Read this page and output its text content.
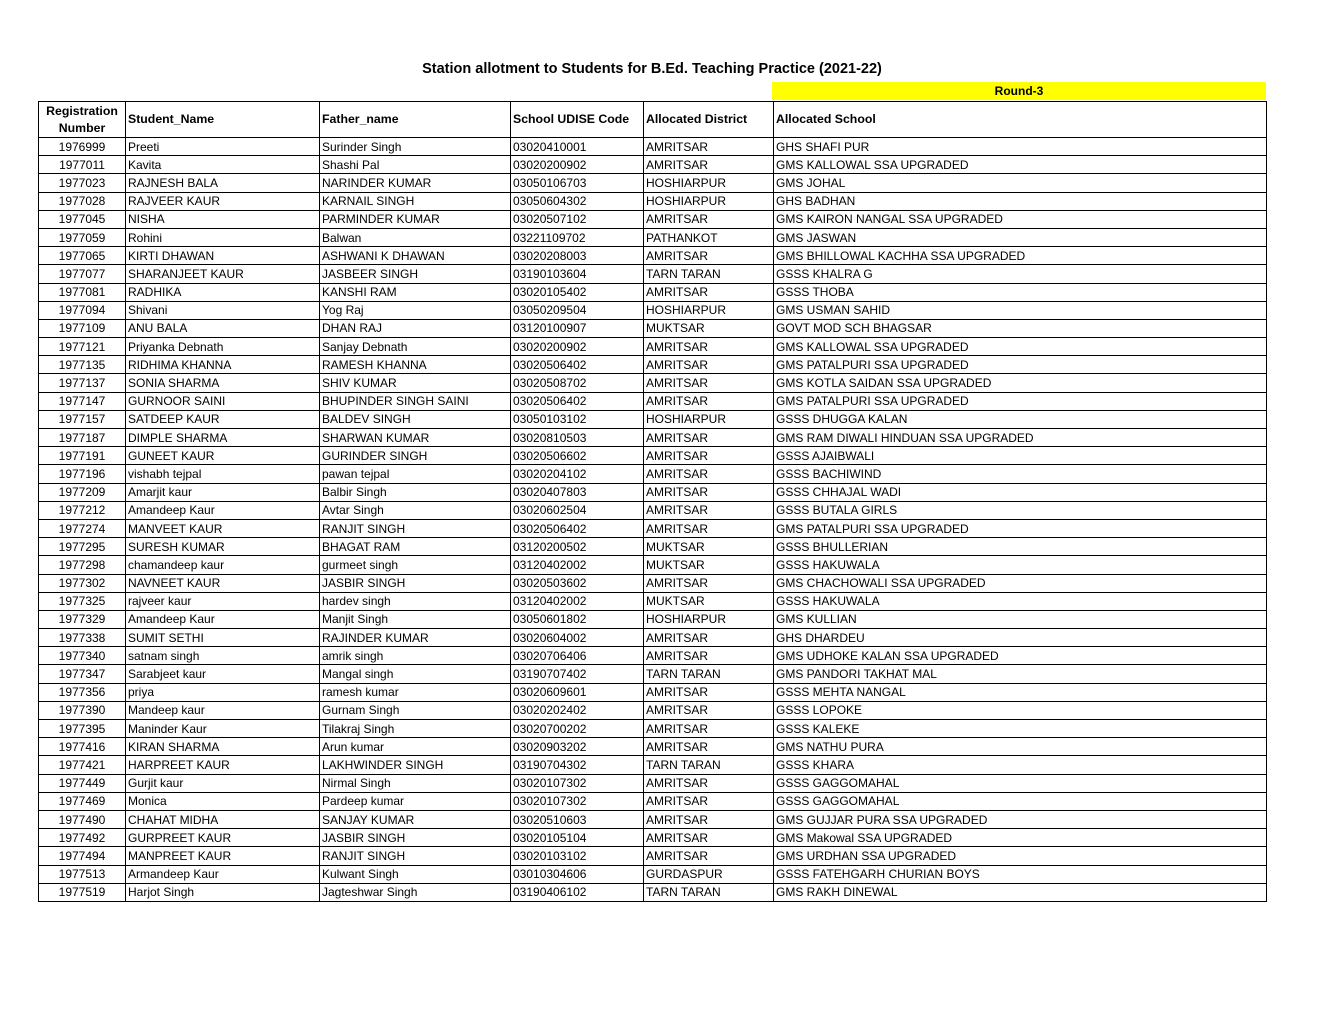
Station allotment to Students for B.Ed. Teaching Practice (2021-22)
Round-3
Registration Number	Student_Name	Father_name	School UDISE Code	Allocated District	Allocated School
1976999	Preeti	Surinder Singh	03020410001	AMRITSAR	GHS SHAFI PUR
1977011	Kavita	Shashi Pal	03020200902	AMRITSAR	GMS KALLOWAL SSA UPGRADED
1977023	RAJNESH BALA	NARINDER KUMAR	03050106703	HOSHIARPUR	GMS JOHAL
1977028	RAJVEER KAUR	KARNAIL SINGH	03050604302	HOSHIARPUR	GHS BADHAN
1977045	NISHA	PARMINDER KUMAR	03020507102	AMRITSAR	GMS KAIRON NANGAL SSA UPGRADED
1977059	Rohini	Balwan	03221109702	PATHANKOT	GMS JASWAN
1977065	KIRTI DHAWAN	ASHWANI K DHAWAN	03020208003	AMRITSAR	GMS BHILLOWAL KACHHA SSA UPGRADED
1977077	SHARANJEET KAUR	JASBEER SINGH	03190103604	TARN TARAN	GSSS KHALRA G
1977081	RADHIKA	KANSHI RAM	03020105402	AMRITSAR	GSSS THOBA
1977094	Shivani	Yog Raj	03050209504	HOSHIARPUR	GMS USMAN SAHID
1977109	ANU BALA	DHAN RAJ	03120100907	MUKTSAR	GOVT MOD SCH BHAGSAR
1977121	Priyanka Debnath	Sanjay Debnath	03020200902	AMRITSAR	GMS KALLOWAL SSA UPGRADED
1977135	RIDHIMA KHANNA	RAMESH KHANNA	03020506402	AMRITSAR	GMS PATALPURI SSA UPGRADED
1977137	SONIA SHARMA	SHIV KUMAR	03020508702	AMRITSAR	GMS KOTLA SAIDAN SSA UPGRADED
1977147	GURNOOR SAINI	BHUPINDER SINGH SAINI	03020506402	AMRITSAR	GMS PATALPURI SSA UPGRADED
1977157	SATDEEP KAUR	BALDEV SINGH	03050103102	HOSHIARPUR	GSSS DHUGGA KALAN
1977187	DIMPLE SHARMA	SHARWAN KUMAR	03020810503	AMRITSAR	GMS RAM DIWALI HINDUAN SSA UPGRADED
1977191	GUNEET KAUR	GURINDER SINGH	03020506602	AMRITSAR	GSSS AJAIBWALI
1977196	vishabh tejpal	pawan tejpal	03020204102	AMRITSAR	GSSS BACHIWIND
1977209	Amarjit kaur	Balbir Singh	03020407803	AMRITSAR	GSSS CHHAJAL WADI
1977212	Amandeep Kaur	Avtar Singh	03020602504	AMRITSAR	GSSS BUTALA GIRLS
1977274	MANVEET KAUR	RANJIT SINGH	03020506402	AMRITSAR	GMS PATALPURI SSA UPGRADED
1977295	SURESH KUMAR	BHAGAT RAM	03120200502	MUKTSAR	GSSS BHULLERIAN
1977298	chamandeep kaur	gurmeet singh	03120402002	MUKTSAR	GSSS HAKUWALA
1977302	NAVNEET KAUR	JASBIR SINGH	03020503602	AMRITSAR	GMS CHACHOWALI SSA UPGRADED
1977325	rajveer kaur	hardev singh	03120402002	MUKTSAR	GSSS HAKUWALA
1977329	Amandeep Kaur	Manjit Singh	03050601802	HOSHIARPUR	GMS KULLIAN
1977338	SUMIT SETHI	RAJINDER KUMAR	03020604002	AMRITSAR	GHS DHARDEU
1977340	satnam singh	amrik singh	03020706406	AMRITSAR	GMS UDHOKE KALAN SSA UPGRADED
1977347	Sarabjeet kaur	Mangal singh	03190707402	TARN TARAN	GMS PANDORI TAKHAT MAL
1977356	priya	ramesh kumar	03020609601	AMRITSAR	GSSS MEHTA NANGAL
1977390	Mandeep kaur	Gurnam Singh	03020202402	AMRITSAR	GSSS LOPOKE
1977395	Maninder Kaur	Tilakraj Singh	03020700202	AMRITSAR	GSSS KALEKE
1977416	KIRAN SHARMA	Arun kumar	03020903202	AMRITSAR	GMS NATHU PURA
1977421	HARPREET KAUR	LAKHWINDER SINGH	03190704302	TARN TARAN	GSSS KHARA
1977449	Gurjit kaur	Nirmal Singh	03020107302	AMRITSAR	GSSS GAGGOMAHAL
1977469	Monica	Pardeep kumar	03020107302	AMRITSAR	GSSS GAGGOMAHAL
1977490	CHAHAT MIDHA	SANJAY KUMAR	03020510603	AMRITSAR	GMS GUJJAR PURA SSA UPGRADED
1977492	GURPREET KAUR	JASBIR SINGH	03020105104	AMRITSAR	GMS Makowal SSA UPGRADED
1977494	MANPREET KAUR	RANJIT SINGH	03020103102	AMRITSAR	GMS URDHAN SSA UPGRADED
1977513	Armandeep Kaur	Kulwant Singh	03010304606	GURDASPUR	GSSS FATEHGARH CHURIAN BOYS
1977519	Harjot Singh	Jagteshwar Singh	03190406102	TARN TARAN	GMS RAKH DINEWAL
